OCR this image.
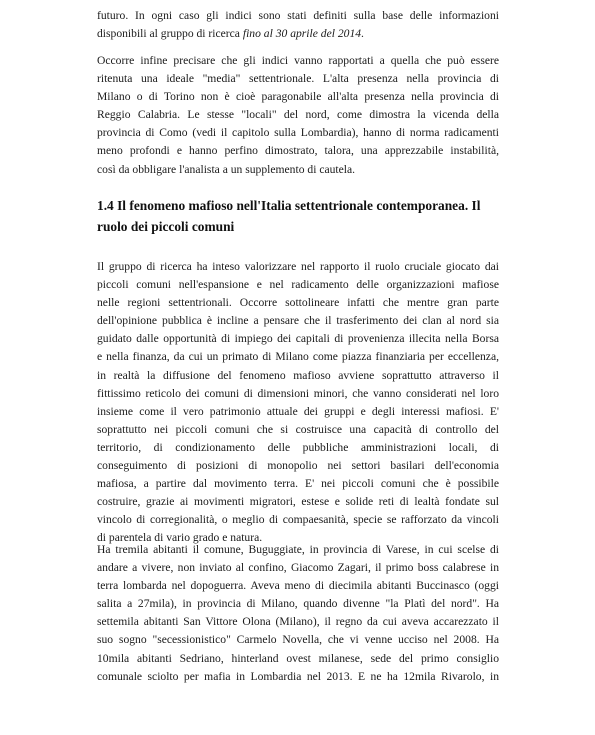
futuro. In ogni caso gli indici sono stati definiti sulla base delle informazioni
disponibili al gruppo di ricerca fino al 30 aprile del 2014.
Occorre infine precisare che gli indici vanno rapportati a quella che può essere
ritenuta una ideale "media" settentrionale. L'alta presenza nella provincia di
Milano o di Torino non è cioè paragonabile all'alta presenza nella provincia di
Reggio Calabria. Le stesse "locali" del nord, come dimostra la vicenda della
provincia di Como (vedi il capitolo sulla Lombardia), hanno di norma radicamenti
meno profondi e hanno perfino dimostrato, talora, una apprezzabile instabilità,
così da obbligare l'analista a un supplemento di cautela.
1.4 Il fenomeno mafioso nell'Italia settentrionale contemporanea. Il
ruolo dei piccoli comuni
Il gruppo di ricerca ha inteso valorizzare nel rapporto il ruolo cruciale giocato dai
piccoli comuni nell'espansione e nel radicamento delle organizzazioni mafiose
nelle regioni settentrionali. Occorre sottolineare infatti che mentre gran parte
dell'opinione pubblica è incline a pensare che il trasferimento dei clan al nord sia
guidato dalle opportunità di impiego dei capitali di provenienza illecita nella Borsa
e nella finanza, da cui un primato di Milano come piazza finanziaria per eccellenza,
in realtà la diffusione del fenomeno mafioso avviene soprattutto attraverso il
fittissimo reticolo dei comuni di dimensioni minori, che vanno considerati nel loro
insieme come il vero patrimonio attuale dei gruppi e degli interessi mafiosi. E'
soprattutto nei piccoli comuni che si costruisce una capacità di controllo del
territorio, di condizionamento delle pubbliche amministrazioni locali, di
conseguimento di posizioni di monopolio nei settori basilari dell'economia
mafiosa, a partire dal movimento terra. E' nei piccoli comuni che è possibile
costruire, grazie ai movimenti migratori, estese e solide reti di lealtà fondate sul
vincolo di corregionalità, o meglio di compaesanità, specie se rafforzato da vincoli
di parentela di vario grado e natura.
Ha tremila abitanti il comune, Buguggiate, in provincia di Varese, in cui scelse di
andare a vivere, non inviato al confino, Giacomo Zagari, il primo boss calabrese in
terra lombarda nel dopoguerra. Aveva meno di diecimila abitanti Buccinasco (oggi
salita a 27mila), in provincia di Milano, quando divenne "la Platì del nord". Ha
settemila abitanti San Vittore Olona (Milano), il regno da cui aveva accarezzato il
suo sogno "secessionistico" Carmelo Novella, che vi venne ucciso nel 2008. Ha
10mila abitanti Sedriano, hinterland ovest milanese, sede del primo consiglio
comunale sciolto per mafia in Lombardia nel 2013. E ne ha 12mila Rivarolo, in
